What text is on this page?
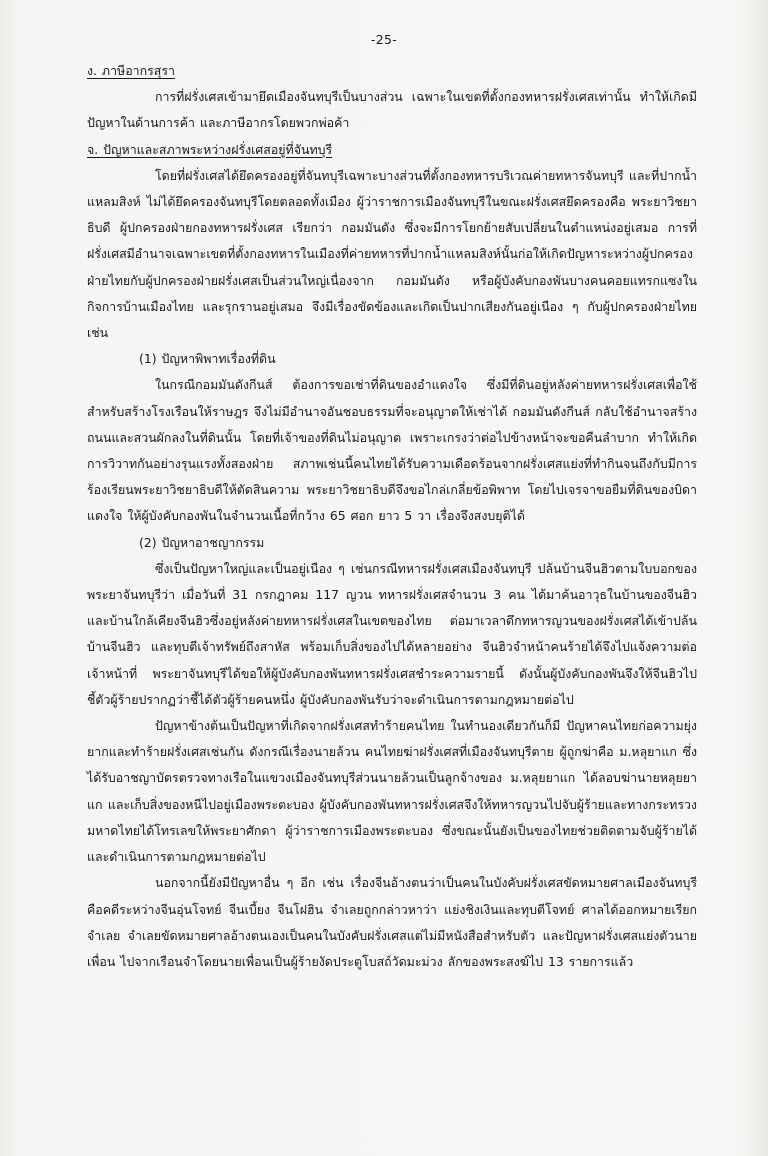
-25-

ง. ภาษีอากรสุรา

การที่ฝรั่งเศสเข้ามายึดเมืองจันทบุรีเป็นบางส่วน เฉพาะในเขตที่ตั้งกองทหารฝรั่งเศสเท่านั้น ทำให้เกิดมีปัญหาในด้านการค้า และภาษีอากรโดยพวกพ่อค้า

จ. ปัญหาและสภาพระหว่างฝรั่งเศสอยู่ที่จันทบุรี

โดยที่ฝรั่งเศสได้ยึดครองอยู่ที่จันทบุรีเฉพาะบางส่วนที่ตั้งกองทหารบริเวณค่ายทหารจันทบุรี และที่ปากน้ำแหลมสิงห์ ไม่ได้ยึดครองจันทบุรีโดยตลอดทั้งเมือง ผู้ว่าราชการเมืองจันทบุรีในขณะฝรั่งเศสยึดครองคือ พระยาวิชยาธิบดี ผู้ปกครองฝ่ายกองทหารฝรั่งเศส เรียกว่า กอมมันดัง ซึ่งจะมีการโยกย้ายสับเปลี่ยนในตำแหน่งอยู่เสมอ การที่ฝรั่งเศสมีอำนาจเฉพาะเขตที่ตั้งกองทหารในเมืองที่ค่ายทหารที่ปากน้ำแหลมสิงห์นั้นก่อให้เกิดปัญหาระหว่างผู้ปกครองฝ่ายไทยกับผู้ปกครองฝ่ายฝรั่งเศสเป็นส่วนใหญ่เนื่องจาก กอมมันดัง หรือผู้บังคับกองพันบางคนคอยแทรกแซงในกิจการบ้านเมืองไทย และรุกรานอยู่เสมอ จึงมีเรื่องขัดข้องและเกิดเป็นปากเสียงกันอยู่เนือง ๆ กับผู้ปกครองฝ่ายไทย เช่น

(1) ปัญหาพิพาทเรื่องที่ดิน

ในกรณีกอมมันดังกีนส์ ต้องการขอเช่าที่ดินของอำแดงใจ ซึ่งมีที่ดินอยู่หลังค่ายทหารฝรั่งเศสเพื่อใช้สำหรับสร้างโรงเรือนให้ราษฎร จึงไม่มีอำนาจอันชอบธรรมที่จะอนุญาตให้เช่าได้ กอมมันดังกีนส์ กลับใช้อำนาจสร้างถนนและสวนผักลงในที่ดินนั้น โดยที่เจ้าของที่ดินไม่อนุญาต เพราะเกรงว่าต่อไปข้างหน้าจะขอคืนลำบาก ทำให้เกิดการวิวาทกันอย่างรุนแรงทั้งสองฝ่าย สภาพเช่นนี้คนไทยได้รับความเดือดร้อนจากฝรั่งเศสแย่งที่ทำกินจนถึงกับมีการร้องเรียนพระยาวิชยาธิบดีให้ตัดสินความ พระยาวิชยาธิบดีจึงขอไกล่เกลี่ยข้อพิพาท โดยไปเจรจาขอยืมที่ดินของบิดาแดงใจ ให้ผู้บังคับกองพันในจำนวนเนื้อที่กว้าง 65 ศอก ยาว 5 วา เรื่องจึงสงบยุติได้

(2) ปัญหาอาชญากรรม

ซึ่งเป็นปัญหาใหญ่และเป็นอยู่เนือง ๆ เช่นกรณีทหารฝรั่งเศสเมืองจันทบุรี ปล้นบ้านจีนฮิวตามใบบอกของพระยาจันทบุรีว่า เมื่อวันที่ 31 กรกฎาคม 117 ญวน ทหารฝรั่งเศสจำนวน 3 คน ได้มาค้นอาวุธในบ้านของจีนฮิว และบ้านใกล้เคียงจีนฮิวซึ่งอยู่หลังค่ายทหารฝรั่งเศสในเขตของไทย ต่อมาเวลาดึกทหารญวนของฝรั่งเศสได้เข้าปล้นบ้านจีนฮิว และทุบตีเจ้าทรัพย์ถึงสาหัส พร้อมเก็บสิ่งของไปได้หลายอย่าง จีนฮิวจำหน้าคนร้ายได้จึงไปแจ้งความต่อเจ้าหน้าที่ พระยาจันทบุรีได้ขอให้ผู้บังคับกองพันทหารฝรั่งเศสชำระความรายนี้ ดังนั้นผู้บังคับกองพันจึงให้จีนฮิวไปชี้ตัวผู้ร้ายปรากฏว่าชี้ได้ตัวผู้ร้ายคนหนึ่ง ผู้บังคับกองพันรับว่าจะดำเนินการตามกฎหมายต่อไป

ปัญหาข้างต้นเป็นปัญหาที่เกิดจากฝรั่งเศสทำร้ายคนไทย ในทำนองเดียวกันก็มี ปัญหาคนไทยก่อความยุ่งยากและทำร้ายฝรั่งเศสเช่นกัน ดังกรณีเรื่องนายล้วน คนไทยฆ่าฝรั่งเศสที่เมืองจันทบุรีตาย ผู้ถูกฆ่าคือ ม.หลุยาแก ซึ่งได้รับอาชญาบัตรตรวจทางเรือในแขวงเมืองจันทบุรีส่วนนายล้วนเป็นลูกจ้างของ ม.หลุยยาแก ได้ลอบฆ่านายหลุยยาแก และเก็บสิ่งของหนีไปอยู่เมืองพระตะบอง ผู้บังคับกองพันทหารฝรั่งเศสจึงให้ทหารญวนไปจับผู้ร้ายและทางกระทรวงมหาดไทยได้โทรเลขให้พระยาศักดา ผู้ว่าราชการเมืองพระตะบอง ซึ่งขณะนั้นยังเป็นของไทยช่วยติดตามจับผู้ร้ายได้และดำเนินการตามกฎหมายต่อไป

นอกจากนี้ยังมีปัญหาอื่น ๆ อีก เช่น เรื่องจีนอ้างตนว่าเป็นคนในบังคับฝรั่งเศสขัดหมายศาลเมืองจันทบุรี คือคดีระหว่างจีนอุ่นโจทย์ จีนเบี้ยง จีนโฝฮิน จำเลยถูกกล่าวหาว่า แย่งชิงเงินและทุบตีโจทย์ ศาลได้ออกหมายเรียกจำเลย จำเลยขัดหมายศาลอ้างตนเองเป็นคนในบังคับฝรั่งเศสแต่ไม่มีหนังสือสำหรับตัว และปัญหาฝรั่งเศสแย่งตัวนายเพื่อน ไปจากเรือนจำโดยนายเพื่อนเป็นผู้ร้ายงัดประตูโบสถ์วัดมะม่วง ลักของพระสงฆ์ไป 13 รายการแล้ว
